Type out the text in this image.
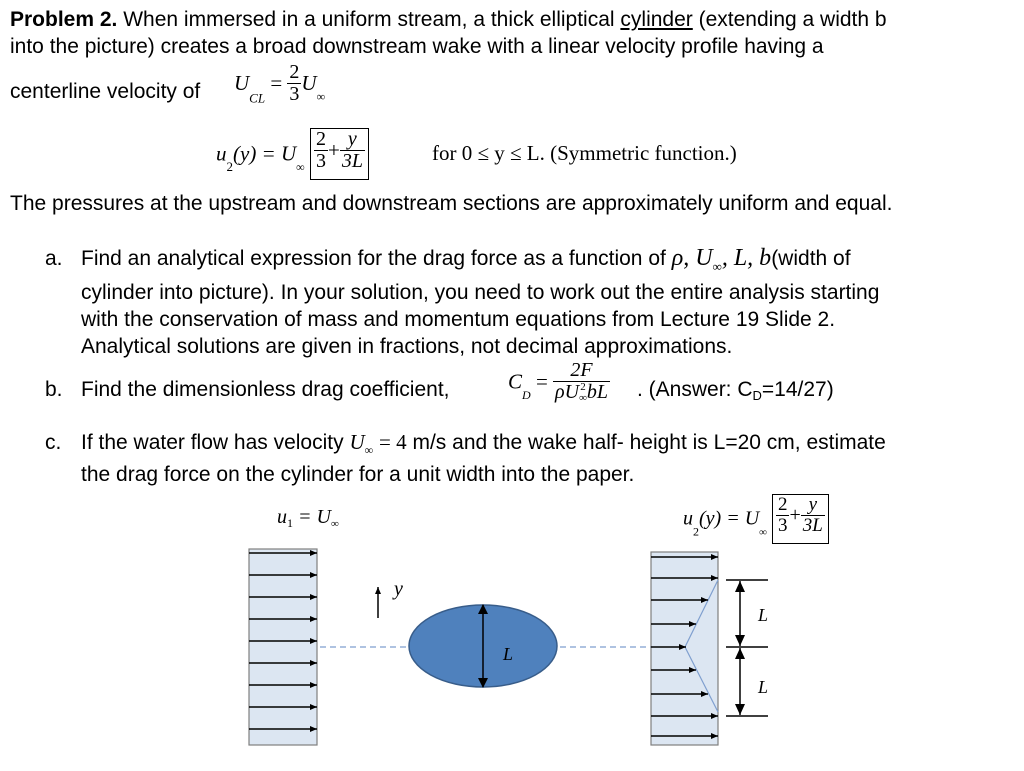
Problem 2. When immersed in a uniform stream, a thick elliptical cylinder (extending a width b
into the picture) creates a broad downstream wake with a linear velocity profile having a
centerline velocity of $U_{CL} = \frac{2}{3} U_\infty$
$u_2(y) = U_\infty \frac{2}{3} + \frac{y}{3L}$	for 0 ≤ y ≤ L. (Symmetric function.)
The pressures at the upstream and downstream sections are approximately uniform and equal.
a. Find an analytical expression for the drag force as a function of ρ, $U_\infty$, L, b(width of
cylinder into picture). In your solution, you need to work out the entire analysis starting
with the conservation of mass and momentum equations from Lecture 19 Slide 2.
Analytical solutions are given in fractions, not decimal approximations.
b. Find the dimensionless drag coefficient,	$C_D = 2F$
ρU 2
∞ bL . (Answer: CD=14/27)
c. If the water flow has velocity $U_\infty = 4$ m/s and the wake half- height is L=20 cm, estimate
the drag force on the cylinder for a unit width into the paper.
$u_1 = U_\infty$	$u_2(y) = U_\infty \frac{2}{3} + \frac{y}{3L}$
y
L
L
L
